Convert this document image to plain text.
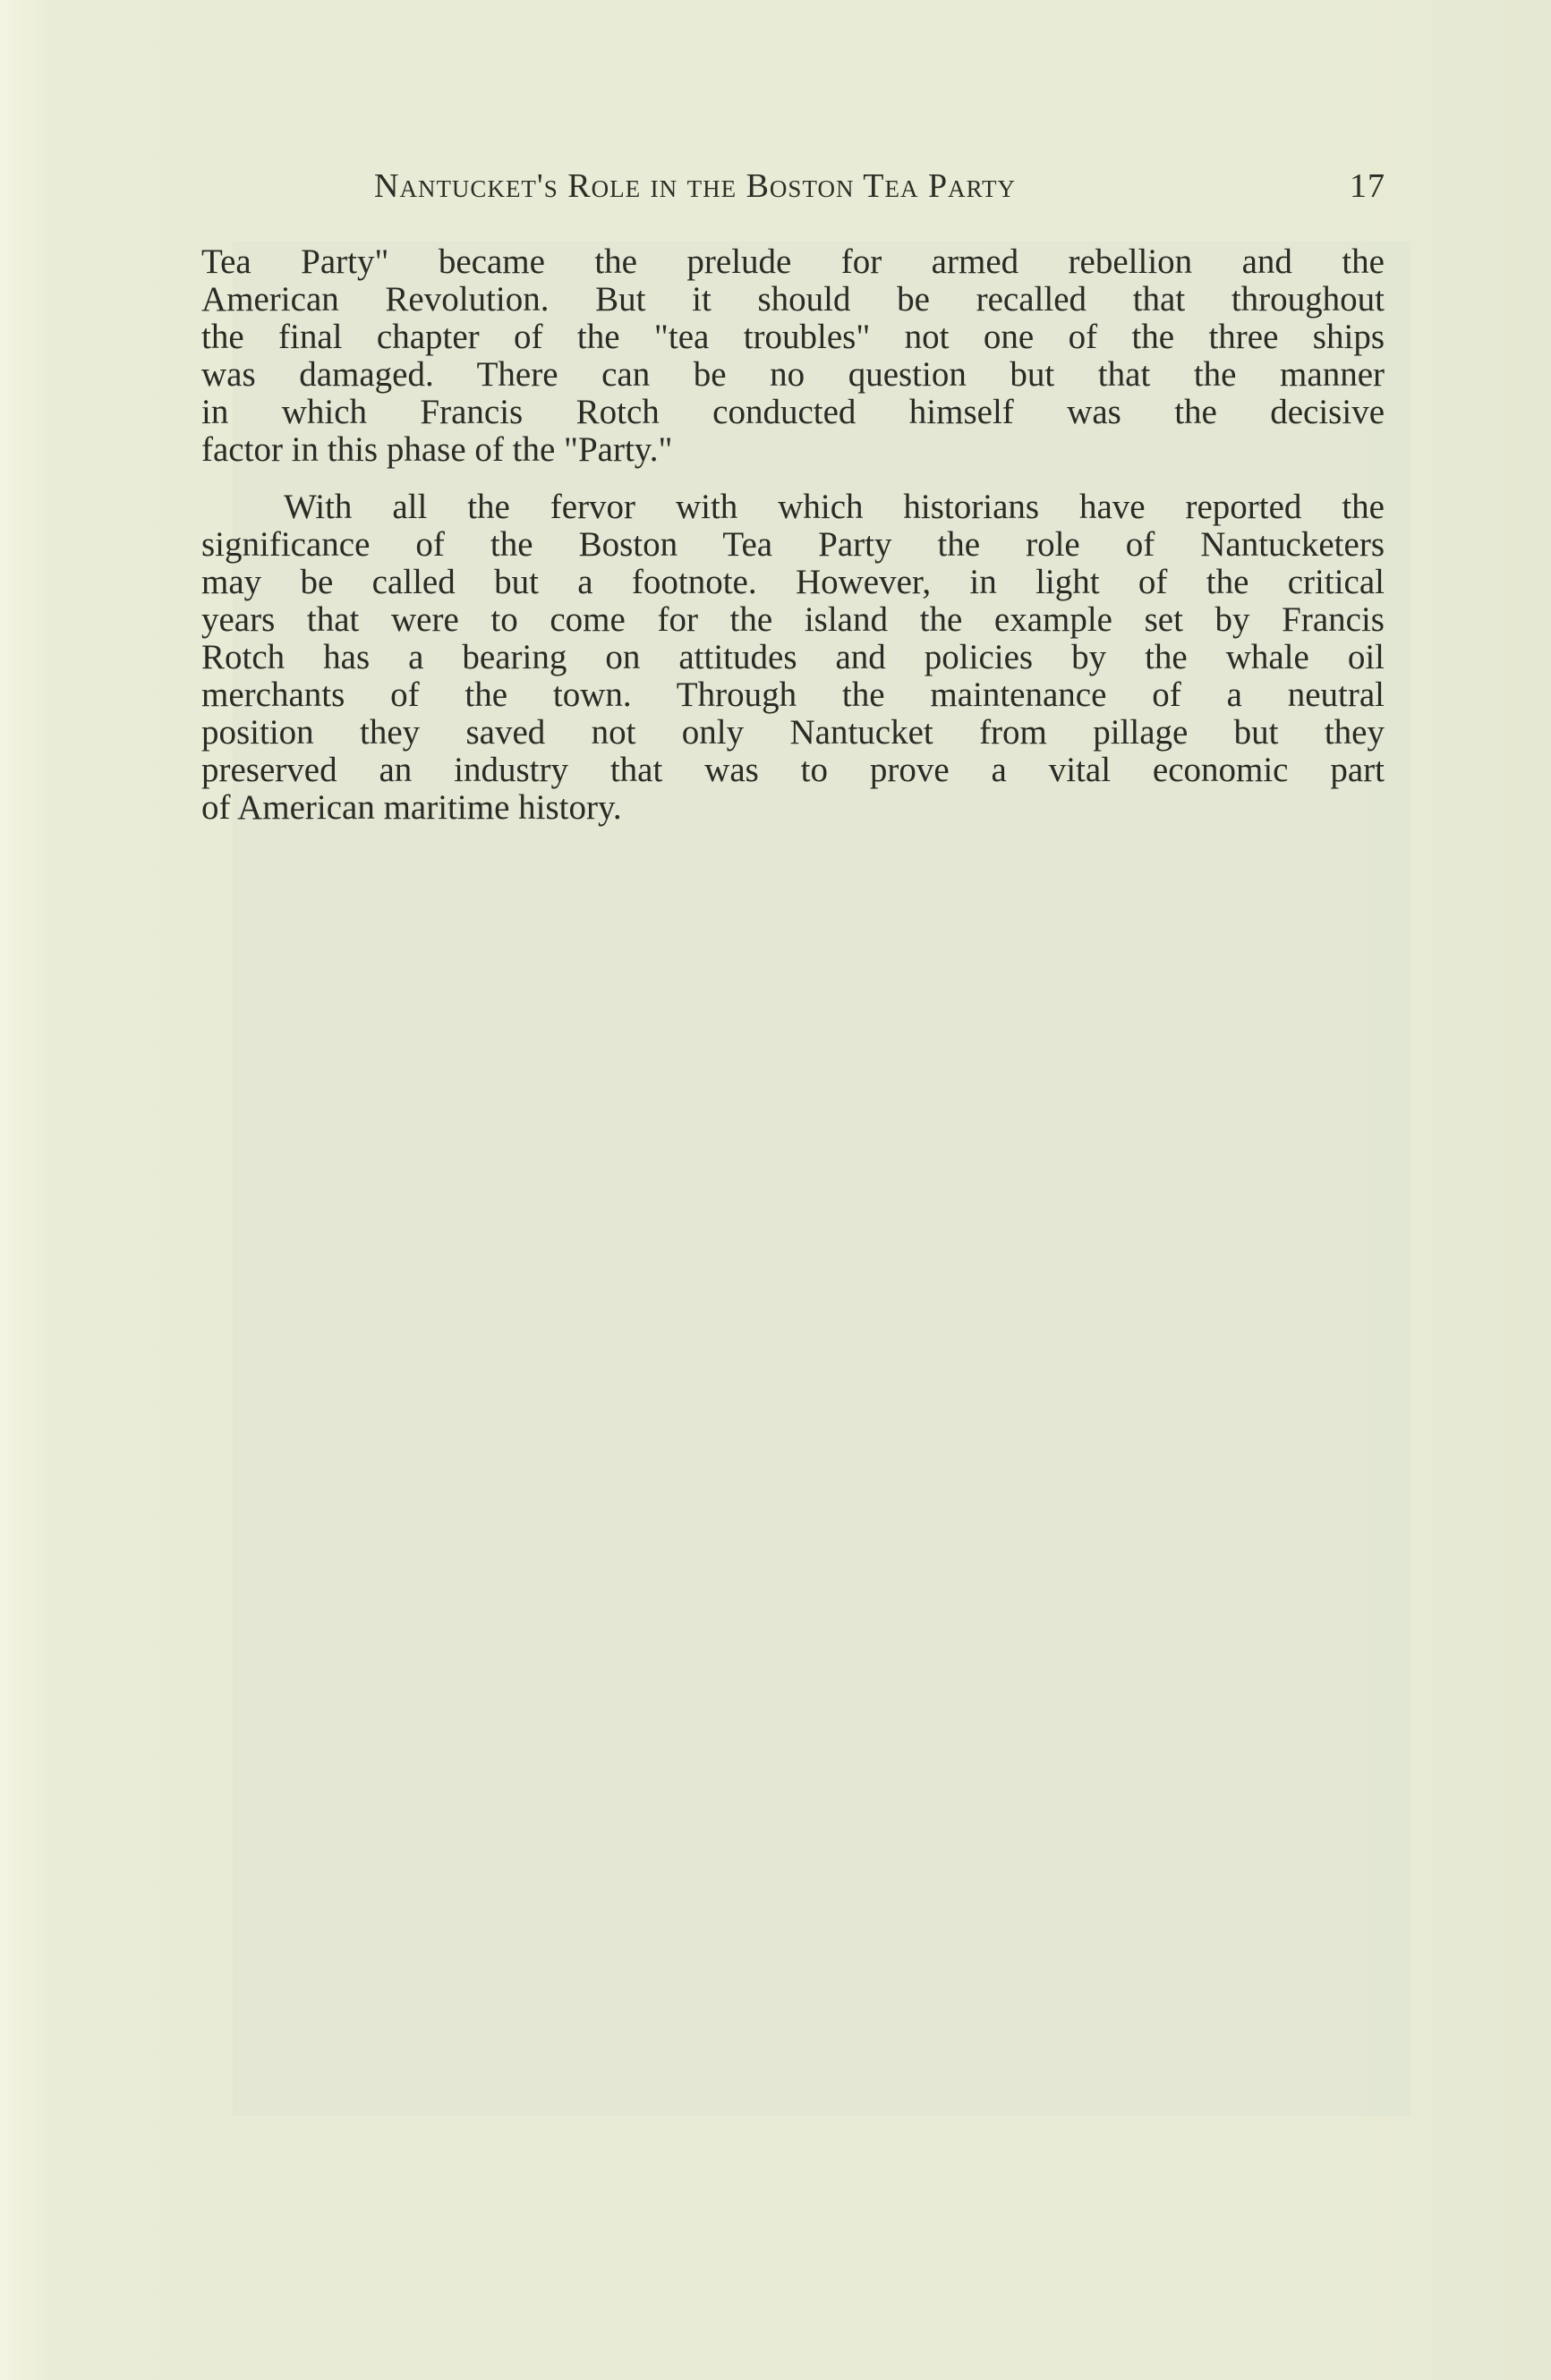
Nantucket's Role in the Boston Tea Party	17

Tea Party" became the prelude for armed rebellion and the
American Revolution. But it should be recalled that throughout
the final chapter of the "tea troubles" not one of the three ships
was damaged. There can be no question but that the manner
in which Francis Rotch conducted himself was the decisive
factor in this phase of the "Party."

With all the fervor with which historians have reported the
significance of the Boston Tea Party the role of Nantucketers
may be called but a footnote. However, in light of the critical
years that were to come for the island the example set by Francis
Rotch has a bearing on attitudes and policies by the whale oil
merchants of the town. Through the maintenance of a neutral
position they saved not only Nantucket from pillage but they
preserved an industry that was to prove a vital economic part
of American maritime history.
